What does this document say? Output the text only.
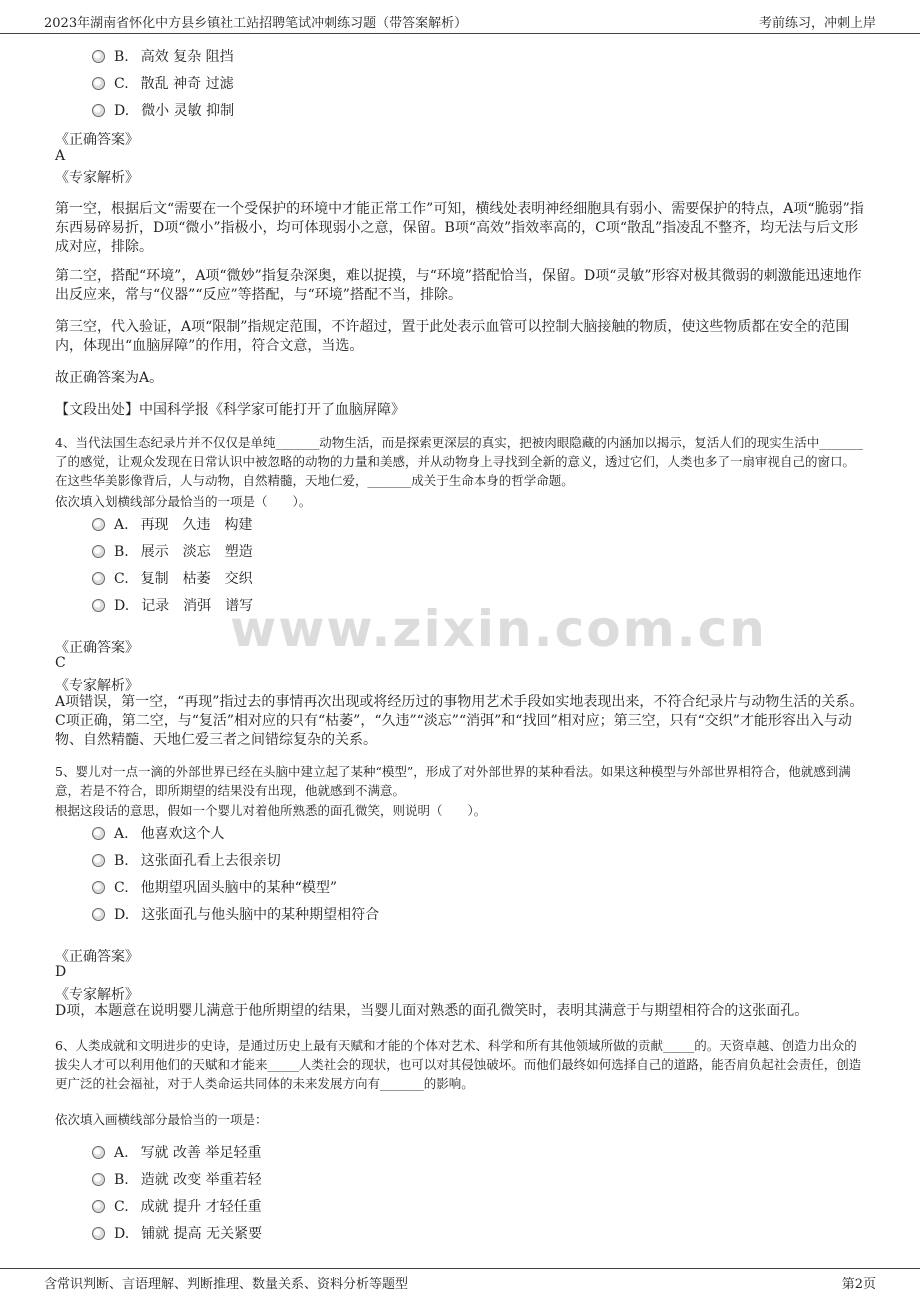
2023年湖南省怀化中方县乡镇社工站招聘笔试冲刺练习题（带答案解析）	考前练习，冲刺上岸
www.zixin.com.cn
B. 高效 复杂 阻挡
C. 散乱 神奇 过滤
D. 微小 灵敏 抑制
《正确答案》
A
《专家解析》
第一空，根据后文“需要在一个受保护的环境中才能正常工作”可知，横线处表明神经细胞具有弱小、需要保护的特点，A项“脆弱”指东西易碎易折，D项“微小”指极小，均可体现弱小之意，保留。B项“高效”指效率高的，C项“散乱”指凌乱不整齐，均无法与后文形成对应，排除。
第二空，搭配“环境”，A项“微妙”指复杂深奥，难以捉摸，与“环境”搭配恰当，保留。D项“灵敏”形容对极其微弱的刺激能迅速地作出反应来，常与“仪器”“反应”等搭配，与“环境”搭配不当，排除。
第三空，代入验证，A项“限制”指规定范围，不许超过，置于此处表示血管可以控制大脑接触的物质，使这些物质都在安全的范围内，体现出“血脑屏障”的作用，符合文意，当选。
故正确答案为A。
【文段出处】中国科学报《科学家可能打开了血脑屏障》
4、当代法国生态纪录片并不仅仅是单纯_______动物生活，而是探索更深层的真实，把被肉眼隐藏的内涵加以揭示，复活人们的现实生活中_______了的感觉，让观众发现在日常认识中被忽略的动物的力量和美感，并从动物身上寻找到全新的意义，透过它们，人类也多了一扇审视自己的窗口。在这些华美影像背后，人与动物，自然精髓，天地仁爱，_______成关于生命本身的哲学命题。
依次填入划横线部分最恰当的一项是（　　）。
A. 再现　久违　构建
B. 展示　淡忘　塑造
C. 复制　枯萎　交织
D. 记录　消弭　谱写
《正确答案》
C
《专家解析》
A项错误，第一空，“再现”指过去的事情再次出现或将经历过的事物用艺术手段如实地表现出来，不符合纪录片与动物生活的关系。C项正确，第二空，与“复活”相对应的只有“枯萎”，“久违”“淡忘”“消弭”和“找回”相对应；第三空，只有“交织”才能形容出入与动物、自然精髓、天地仁爱三者之间错综复杂的关系。
5、婴儿对一点一滴的外部世界已经在头脑中建立起了某种“模型”，形成了对外部世界的某种看法。如果这种模型与外部世界相符合，他就感到满意，若是不符合，即所期望的结果没有出现，他就感到不满意。
根据这段话的意思，假如一个婴儿对着他所熟悉的面孔微笑，则说明（　　）。
A. 他喜欢这个人
B. 这张面孔看上去很亲切
C. 他期望巩固头脑中的某种“模型”
D. 这张面孔与他头脑中的某种期望相符合
《正确答案》
D
《专家解析》
D项，本题意在说明婴儿满意于他所期望的结果，当婴儿面对熟悉的面孔微笑时，表明其满意于与期望相符合的这张面孔。
6、人类成就和文明进步的史诗，是通过历史上最有天赋和才能的个体对艺术、科学和所有其他领域所做的贡献_____的。天资卓越、创造力出众的拔尖人才可以利用他们的天赋和才能来_____人类社会的现状，也可以对其侵蚀破坏。而他们最终如何选择自己的道路，能否肩负起社会责任，创造更广泛的社会福祉，对于人类命运共同体的未来发展方向有_______的影响。
依次填入画横线部分最恰当的一项是：
A. 写就 改善 举足轻重
B. 造就 改变 举重若轻
C. 成就 提升 才轻任重
D. 铺就 提高 无关紧要
含常识判断、言语理解、判断推理、数量关系、资料分析等题型	第2页
